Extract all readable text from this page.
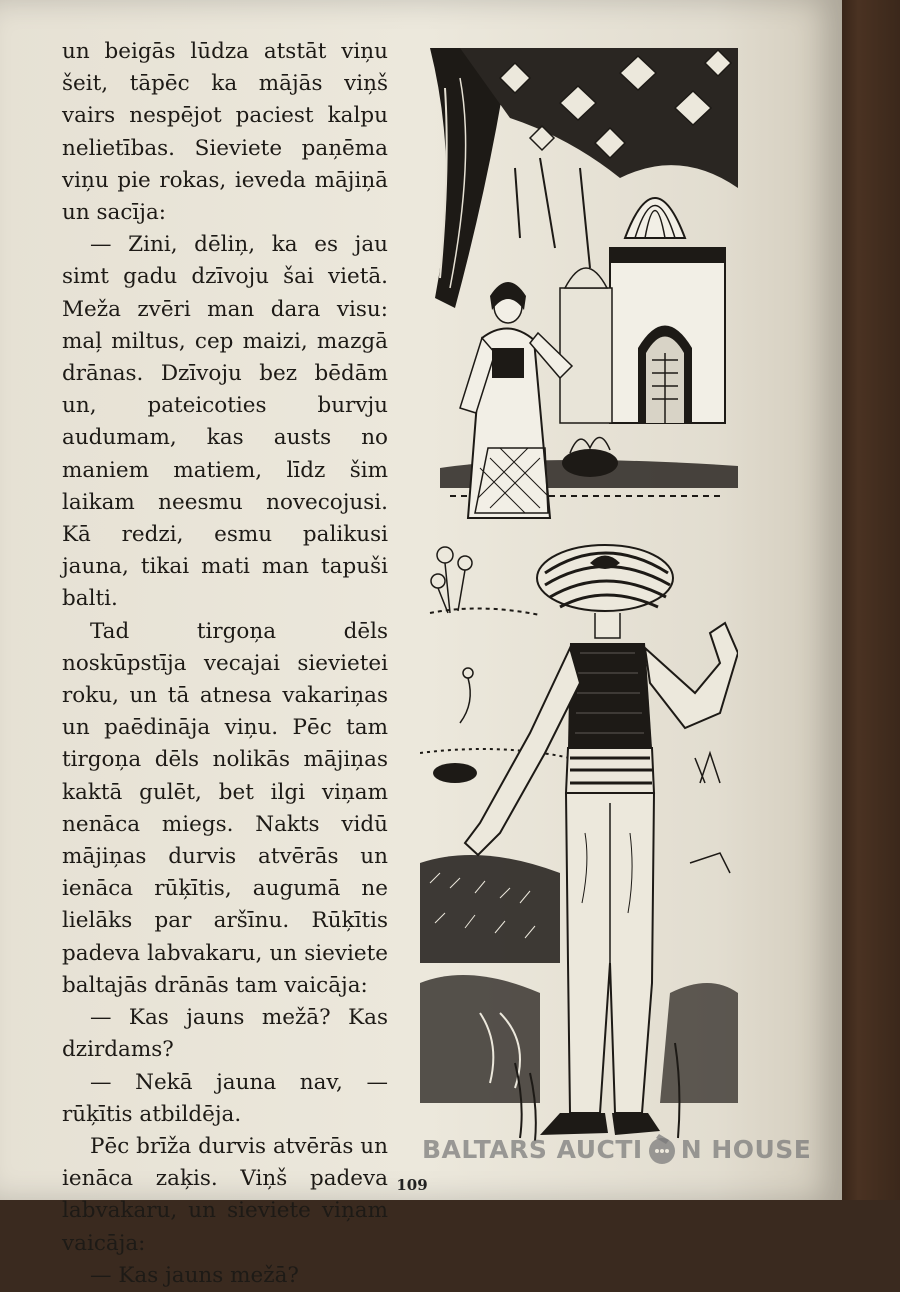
un beigās lūdza atstāt viņu šeit, tāpēc ka mājās viņš vairs nespējot paciest kalpu nelietības. Sieviete paņēma viņu pie rokas, ieveda mājiņā un sacīja:

— Zini, dēliņ, ka es jau simt gadu dzīvoju šai vietā. Meža zvēri man dara visu: maļ miltus, cep maizi, mazgā drānas. Dzīvoju bez bēdām un, pateicoties burvju audumam, kas austs no maniem matiem, līdz šim laikam neesmu novecojusi. Kā redzi, esmu palikusi jauna, tikai mati man tapuši balti.

Tad tirgoņa dēls noskūpstīja vecajai sievietei roku, un tā atnesa vakariņas un paēdināja viņu. Pēc tam tirgoņa dēls nolikās mājiņas kaktā gulēt, bet ilgi viņam nenāca miegs. Nakts vidū mājiņas durvis atvērās un ienāca rūķītis, augumā ne lielāks par aršīnu. Rūķītis padeva labvakaru, un sieviete baltajās drānās tam vaicāja:

— Kas jauns mežā? Kas dzirdams?

— Nekā jauna nav, — rūķītis atbildēja.

Pēc brīža durvis atvērās un ienāca zaķis. Viņš padeva labvakaru, un sieviete viņam vaicāja:

— Kas jauns mežā?

109
BALTARS AUCTI N HOUSE
